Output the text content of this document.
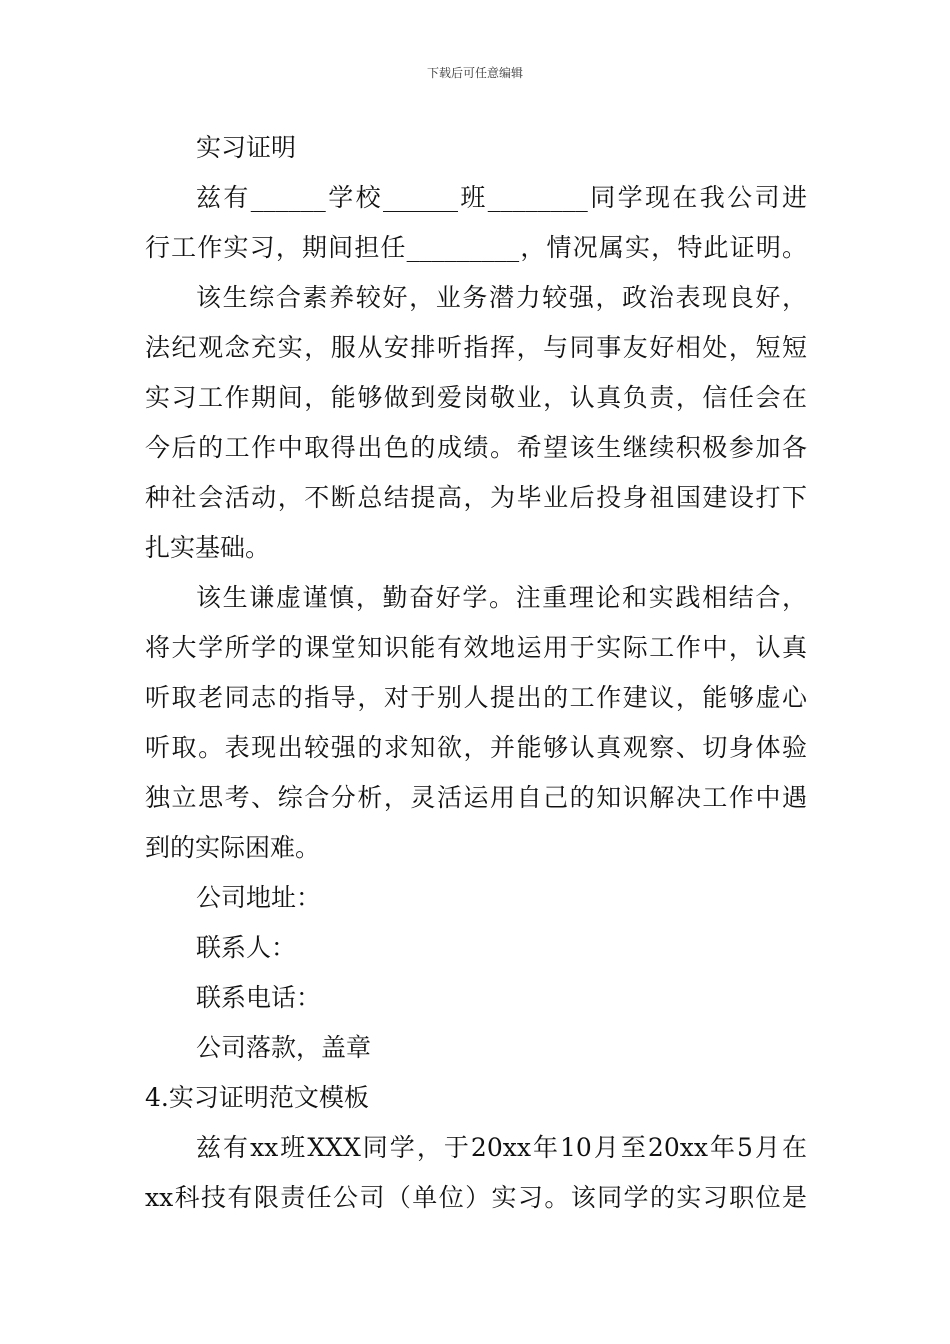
下载后可任意编辑
实习证明
兹有______学校______班________同学现在我公司进
行工作实习，期间担任_________，情况属实，特此证明。
该生综合素养较好，业务潜力较强，政治表现良好，
法纪观念充实，服从安排听指挥，与同事友好相处，短短
实习工作期间，能够做到爱岗敬业，认真负责，信任会在
今后的工作中取得出色的成绩。希望该生继续积极参加各
种社会活动，不断总结提高，为毕业后投身祖国建设打下
扎实基础。
该生谦虚谨慎，勤奋好学。注重理论和实践相结合，
将大学所学的课堂知识能有效地运用于实际工作中，认真
听取老同志的指导，对于别人提出的工作建议，能够虚心
听取。表现出较强的求知欲，并能够认真观察、切身体验
独立思考、综合分析，灵活运用自己的知识解决工作中遇
到的实际困难。
公司地址：
联系人：
联系电话：
公司落款，盖章
4.实习证明范文模板
兹有xx班XXX同学，于20xx年10月至20xx年5月在
xx科技有限责任公司（单位）实习。该同学的实习职位是
